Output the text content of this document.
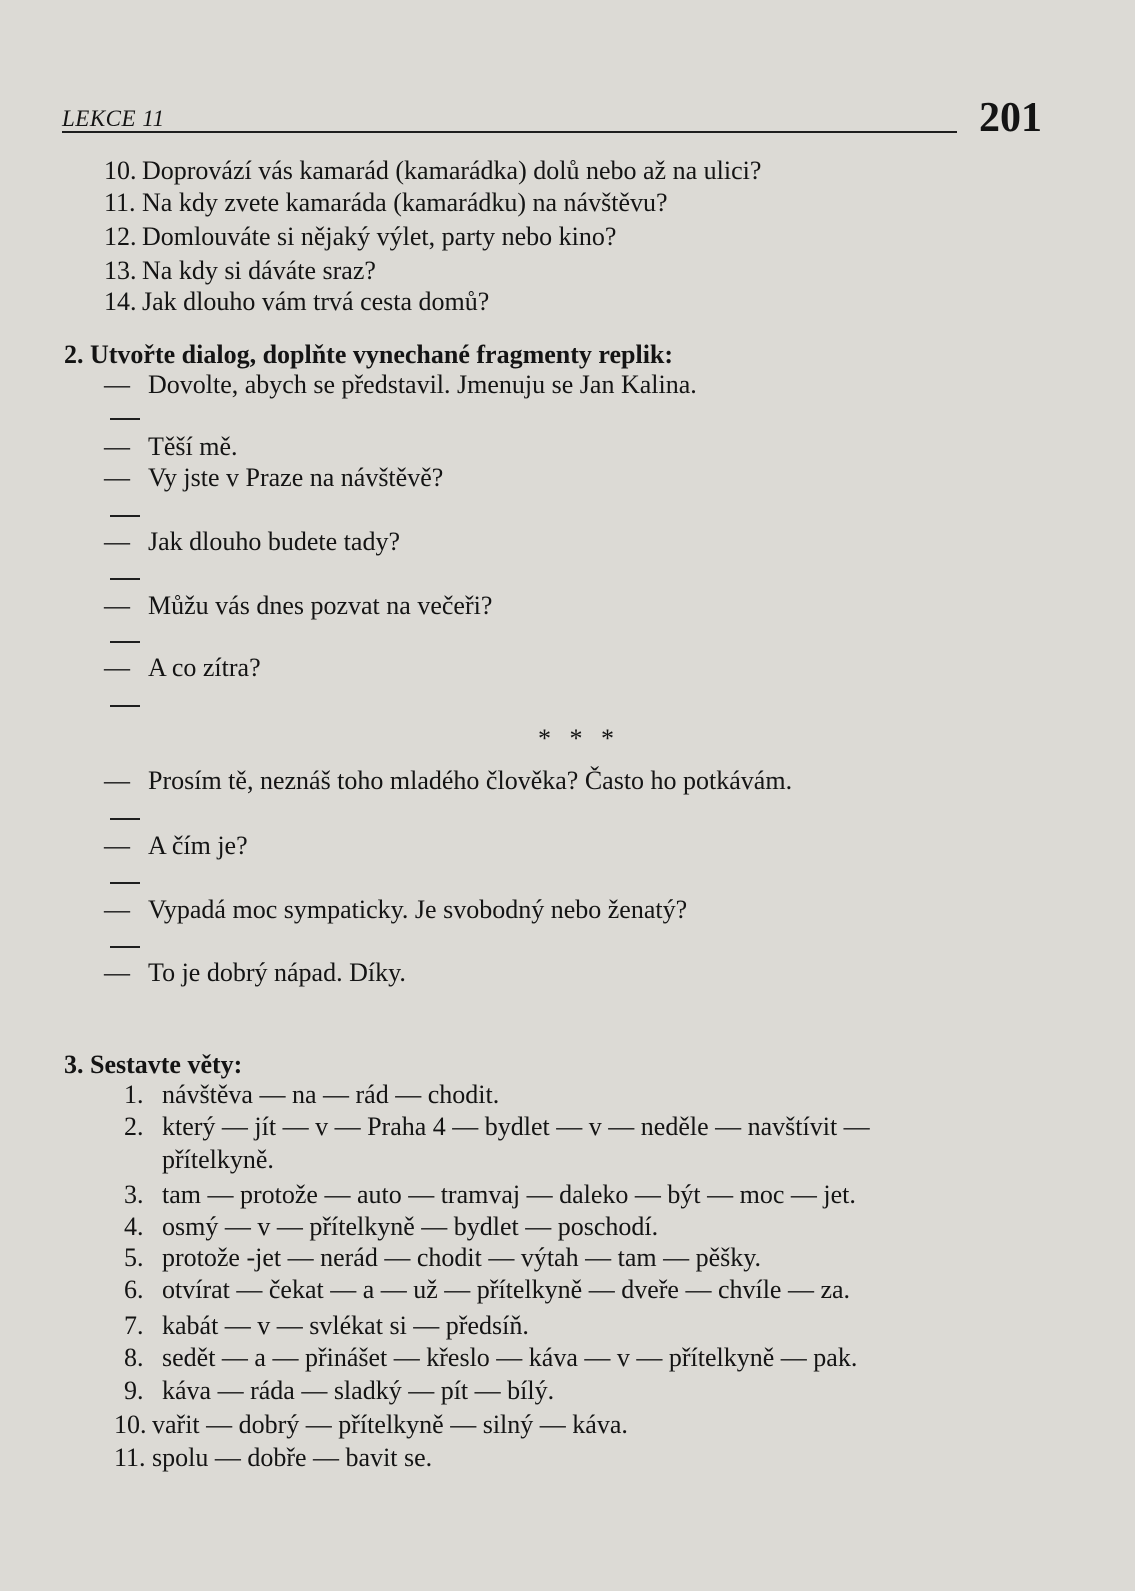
LEKCE 11	201
10. Doprovází vás kamarád (kamarádka) dolů nebo až na ulici?
11. Na kdy zvete kamaráda (kamarádku) na návštěvu?
12. Domlouváte si nějaký výlet, party nebo kino?
13. Na kdy si dáváte sraz?
14. Jak dlouho vám trvá cesta domů?
2. Utvořte dialog, doplňte vynechané fragmenty replik:
— Dovolte, abych se představil. Jmenuju se Jan Kalina.
— Těší mě.
— Vy jste v Praze na návštěvě?
— Jak dlouho budete tady?
— Můžu vás dnes pozvat na večeři?
— A co zítra?
* * *
— Prosím tě, neznáš toho mladého člověka? Často ho potkávám.
— A čím je?
— Vypadá moc sympaticky. Je svobodný nebo ženatý?
— To je dobrý nápad. Díky.
3. Sestavte věty:
1. návštěva — na — rád — chodit.
2. který — jít — v — Praha 4 — bydlet — v — neděle — navštívit —
přítelkyně.
3. tam — protože — auto — tramvaj — daleko — být — moc — jet.
4. osmý — v — přítelkyně — bydlet — poschodí.
5. protože -jet — nerád — chodit — výtah — tam — pěšky.
6. otvírat — čekat — a — už — přítelkyně — dveře — chvíle — za.
7. kabát — v — svlékat si — předsíň.
8. sedět — a — přinášet — křeslo — káva — v — přítelkyně — pak.
9. káva — ráda — sladký — pít — bílý.
10. vařit — dobrý — přítelkyně — silný — káva.
11. spolu — dobře — bavit se.
